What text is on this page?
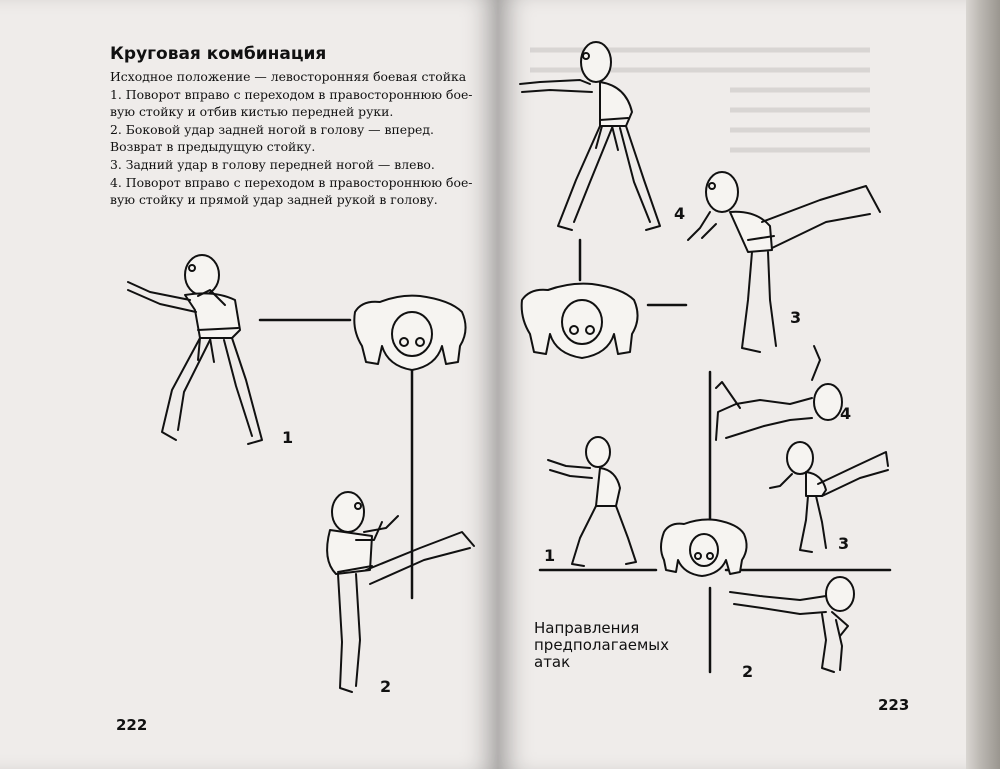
Круговая комбинация
Исходное положение — левосторонняя боевая стойка
1. Поворот вправо с переходом в правостороннюю бое-
вую стойку и отбив кистью передней руки.
2. Боковой удар задней ногой в голову — вперед.
Возврат в предыдущую стойку.
3. Задний удар в голову передней ногой — влево.
4. Поворот вправо с переходом в правостороннюю бое-
вую стойку и прямой удар задней рукой в голову.
1
2
4
3
4
3
1
2
Направления
предполагаемых
атак
222
223
